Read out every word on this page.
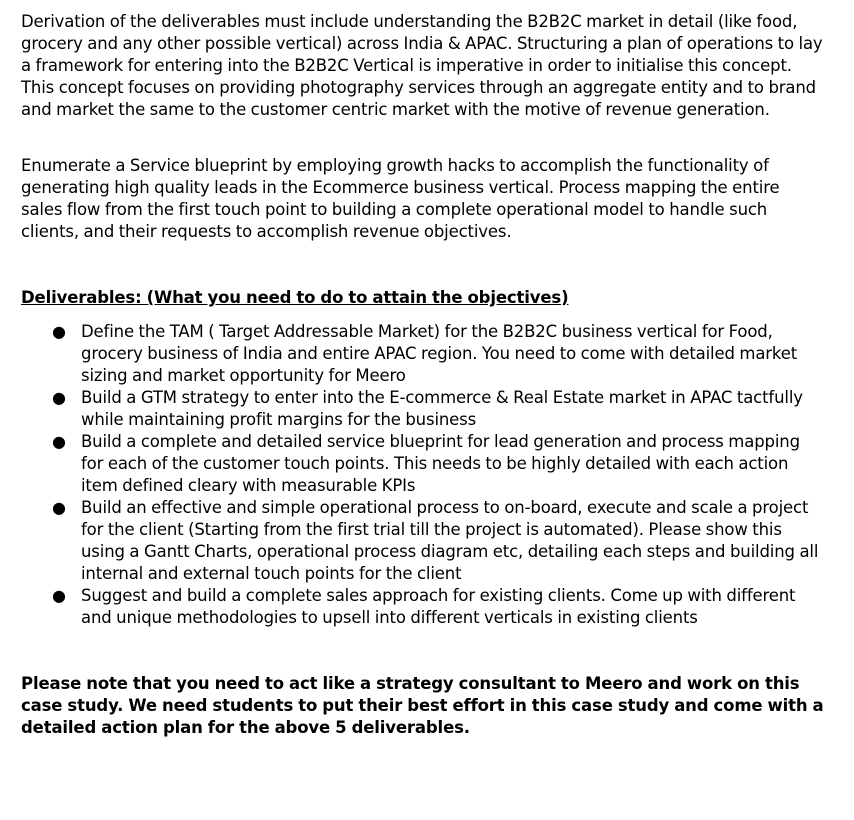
Derivation of the deliverables must include understanding the B2B2C market in detail (like food, grocery and any other possible vertical) across India & APAC. Structuring a plan of operations to lay a framework for entering into the B2B2C Vertical is imperative in order to initialise this concept. This concept focuses on providing photography services through an aggregate entity and to brand and market the same to the customer centric market with the motive of revenue generation.

Enumerate a Service blueprint by employing growth hacks to accomplish the functionality of generating high quality leads in the Ecommerce business vertical. Process mapping the entire sales flow from the first touch point to building a complete operational model to handle such clients, and their requests to accomplish revenue objectives.

Deliverables: (What you need to do to attain the objectives)

● Define the TAM ( Target Addressable Market) for the B2B2C business vertical for Food, grocery business of India and entire APAC region. You need to come with detailed market sizing and market opportunity for Meero
● Build a GTM strategy to enter into the E-commerce & Real Estate market in APAC tactfully while maintaining profit margins for the business
● Build a complete and detailed service blueprint for lead generation and process mapping for each of the customer touch points. This needs to be highly detailed with each action item defined cleary with measurable KPIs
● Build an effective and simple operational process to on-board, execute and scale a project for the client (Starting from the first trial till the project is automated). Please show this using a Gantt Charts, operational process diagram etc, detailing each steps and building all internal and external touch points for the client
● Suggest and build a complete sales approach for existing clients. Come up with different and unique methodologies to upsell into different verticals in existing clients

Please note that you need to act like a strategy consultant to Meero and work on this case study. We need students to put their best effort in this case study and come with a detailed action plan for the above 5 deliverables.
